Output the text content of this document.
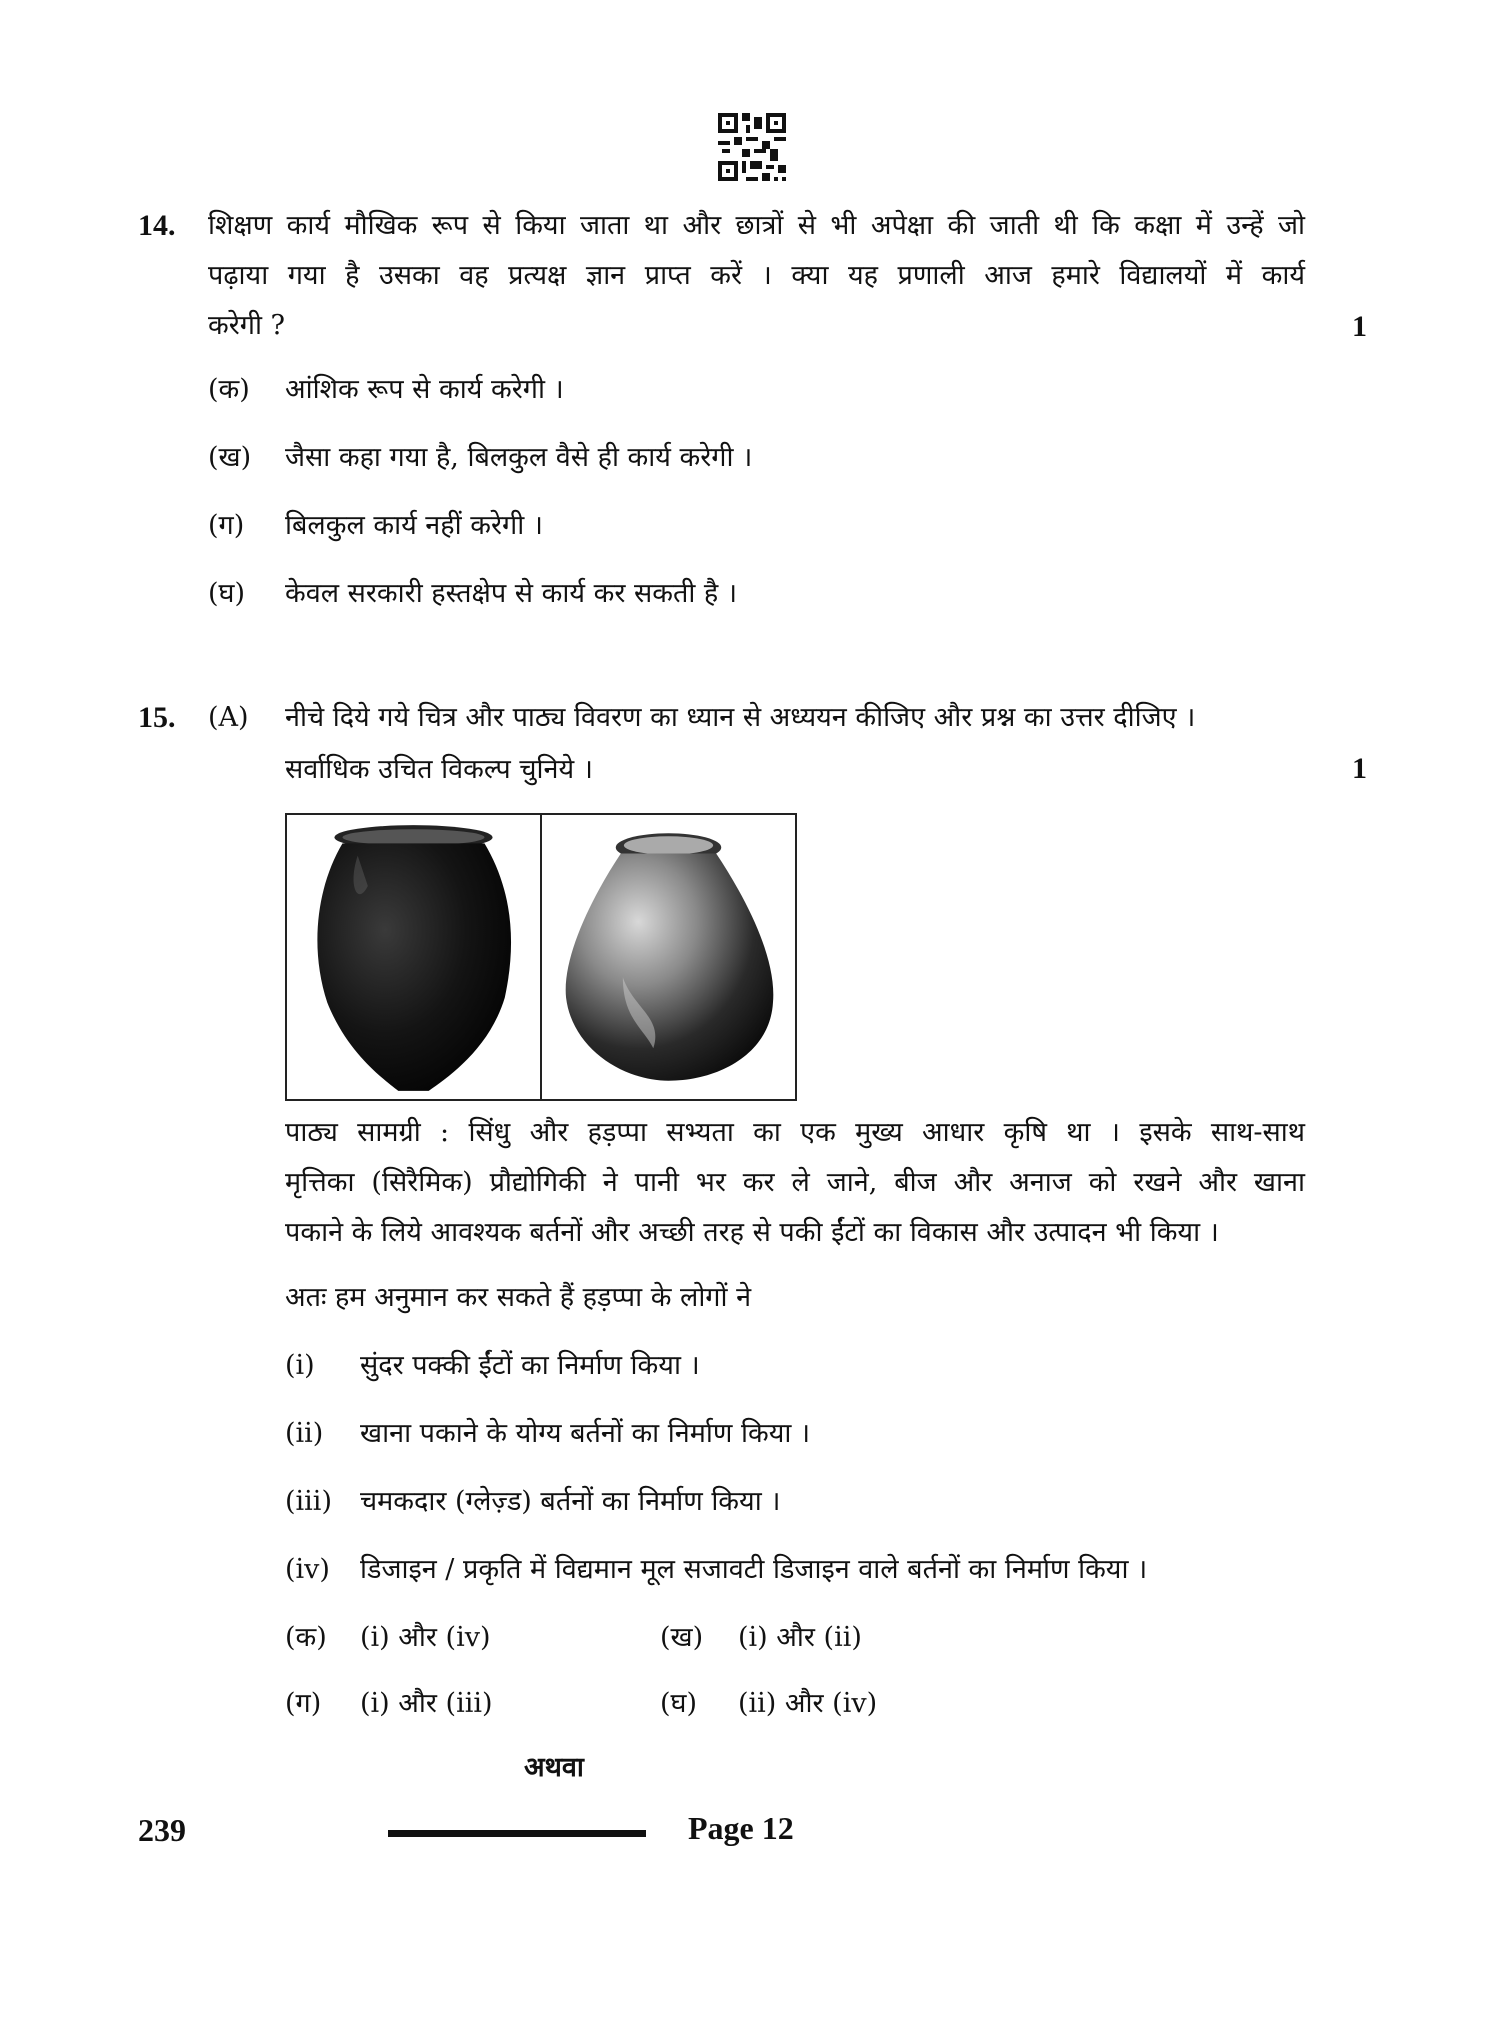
14. शिक्षण कार्य मौखिक रूप से किया जाता था और छात्रों से भी अपेक्षा की जाती थी कि कक्षा में उन्हें जो
पढ़ाया गया है उसका वह प्रत्यक्ष ज्ञान प्राप्त करें । क्या यह प्रणाली आज हमारे विद्यालयों में कार्य
करेगी ?	1
(क) आंशिक रूप से कार्य करेगी ।
(ख) जैसा कहा गया है, बिलकुल वैसे ही कार्य करेगी ।
(ग) बिलकुल कार्य नहीं करेगी ।
(घ) केवल सरकारी हस्तक्षेप से कार्य कर सकती है ।
15. (A) नीचे दिये गये चित्र और पाठ्य विवरण का ध्यान से अध्ययन कीजिए और प्रश्न का उत्तर दीजिए ।
सर्वाधिक उचित विकल्प चुनिये ।	1
पाठ्य सामग्री : सिंधु और हड़प्पा सभ्यता का एक मुख्य आधार कृषि था । इसके साथ-साथ
मृत्तिका (सिरैमिक) प्रौद्योगिकी ने पानी भर कर ले जाने, बीज और अनाज को रखने और खाना
पकाने के लिये आवश्यक बर्तनों और अच्छी तरह से पकी ईंटों का विकास और उत्पादन भी किया ।
अतः हम अनुमान कर सकते हैं हड़प्पा के लोगों ने
(i) सुंदर पक्की ईंटों का निर्माण किया ।
(ii) खाना पकाने के योग्य बर्तनों का निर्माण किया ।
(iii) चमकदार (ग्लेज़्ड) बर्तनों का निर्माण किया ।
(iv) डिजाइन / प्रकृति में विद्यमान मूल सजावटी डिजाइन वाले बर्तनों का निर्माण किया ।
(क) (i) और (iv)	(ख) (i) और (ii)
(ग) (i) और (iii)	(घ) (ii) और (iv)
अथवा
239	Page 12
